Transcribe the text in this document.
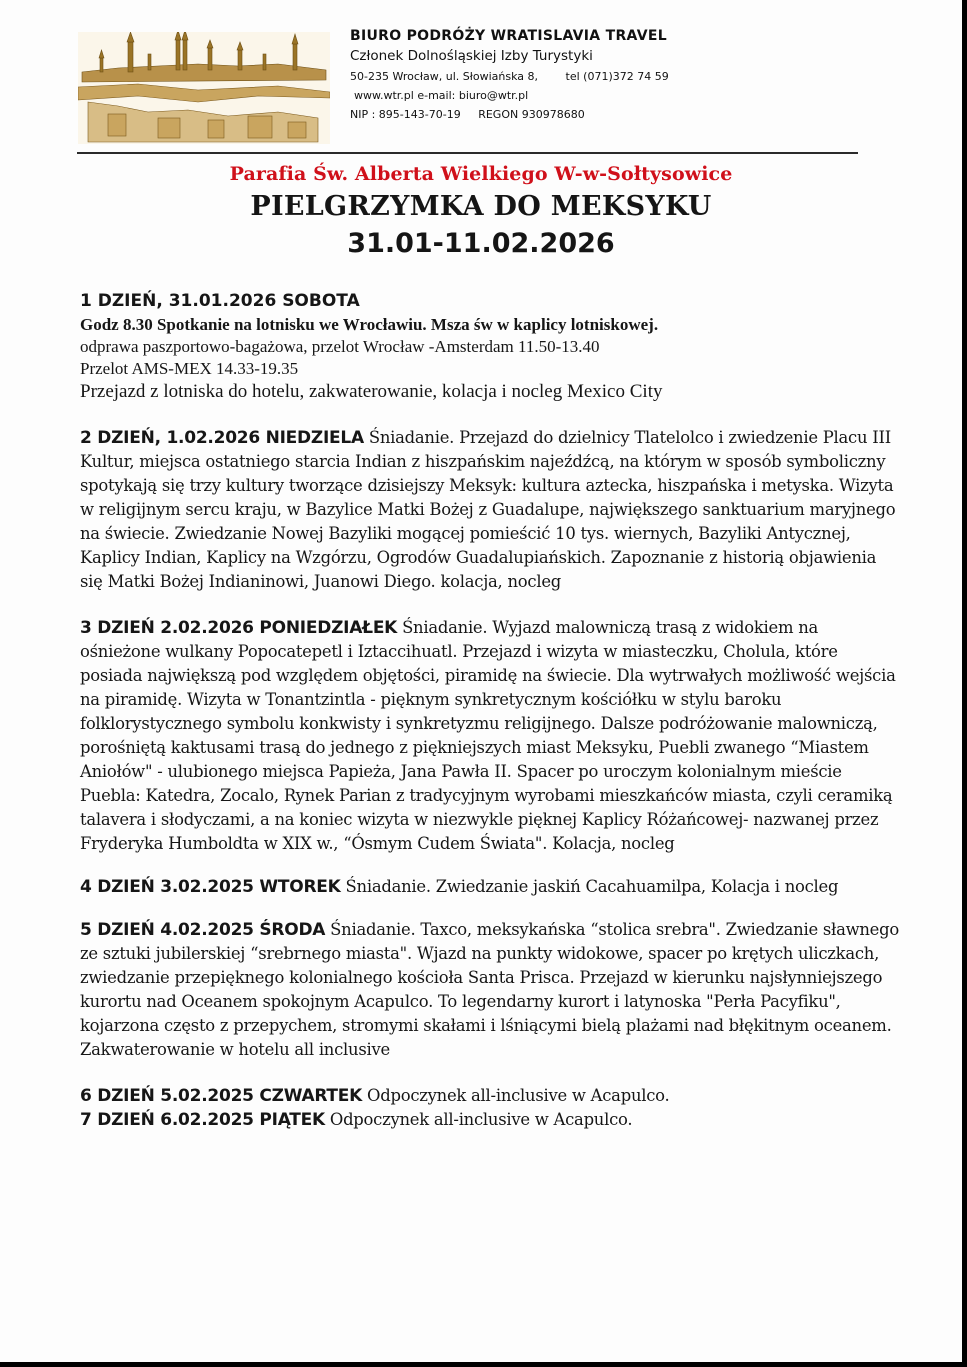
BIURO PODRÓŻY WRATISLAVIA TRAVEL
Członek Dolnośląskiej Izby Turystyki
50-235 Wrocław, ul. Słowiańska 8,	tel (071)372 74 59
www.wtr.pl e-mail: biuro@wtr.pl
NIP : 895-143-70-19 REGON 930978680
Parafia Św. Alberta Wielkiego W-w-Sołtysowice
PIELGRZYMKA DO MEKSYKU
31.01-11.02.2026

1 DZIEŃ, 31.01.2026 SOBOTA

Godz 8.30 Spotkanie na lotnisku we Wrocławiu. Msza św w kaplicy lotniskowej.

odprawa paszportowo-bagażowa, przelot Wrocław -Amsterdam 11.50-13.40

Przelot AMS-MEX 14.33-19.35

Przejazd z lotniska do hotelu, zakwaterowanie, kolacja i nocleg Mexico City

2 DZIEŃ, 1.02.2026 NIEDZIELA Śniadanie. Przejazd do dzielnicy Tlatelolco i zwiedzenie Placu III Kultur, miejsca ostatniego starcia Indian z hiszpańskim najeźdźcą, na którym w sposób symboliczny spotykają się trzy kultury tworzące dzisiejszy Meksyk: kultura aztecka, hiszpańska i metyska. Wizyta w religijnym sercu kraju, w Bazylice Matki Bożej z Guadalupe, największego sanktuarium maryjnego na świecie. Zwiedzanie Nowej Bazyliki mogącej pomieścić 10 tys. wiernych, Bazyliki Antycznej, Kaplicy Indian, Kaplicy na Wzgórzu, Ogrodów Guadalupiańskich. Zapoznanie z historią objawienia się Matki Bożej Indianinowi, Juanowi Diego. kolacja, nocleg

3 DZIEŃ 2.02.2026 PONIEDZIAŁEK Śniadanie. Wyjazd malowniczą trasą z widokiem na ośnieżone wulkany Popocatepetl i Iztaccihuatl. Przejazd i wizyta w miasteczku, Cholula, które posiada największą pod względem objętości, piramidę na świecie. Dla wytrwałych możliwość wejścia na piramidę. Wizyta w Tonantzintla - pięknym synkretycznym kościółku w stylu baroku folklorystycznego symbolu konkwisty i synkretyzmu religijnego. Dalsze podróżowanie malowniczą, porośniętą kaktusami trasą do jednego z piękniejszych miast Meksyku, Puebli zwanego “Miastem Aniołów" - ulubionego miejsca Papieża, Jana Pawła II. Spacer po uroczym kolonialnym mieście Puebla: Katedra, Zocalo, Rynek Parian z tradycyjnym wyrobami mieszkańców miasta, czyli ceramiką talavera i słodyczami, a na koniec wizyta w niezwykle pięknej Kaplicy Różańcowej- nazwanej przez Fryderyka Humboldta w XIX w., “Ósmym Cudem Świata". Kolacja, nocleg

4 DZIEŃ 3.02.2025 WTOREK Śniadanie. Zwiedzanie jaskiń Cacahuamilpa, Kolacja i nocleg

5 DZIEŃ 4.02.2025 ŚRODA Śniadanie. Taxco, meksykańska “stolica srebra". Zwiedzanie sławnego ze sztuki jubilerskiej “srebrnego miasta". Wjazd na punkty widokowe, spacer po krętych uliczkach, zwiedzanie przepięknego kolonialnego kościoła Santa Prisca. Przejazd w kierunku najsłynniejszego kurortu nad Oceanem spokojnym Acapulco. To legendarny kurort i latynoska "Perła Pacyfiku", kojarzona często z przepychem, stromymi skałami i lśniącymi bielą plażami nad błękitnym oceanem. Zakwaterowanie w hotelu all inclusive

6 DZIEŃ 5.02.2025 CZWARTEK Odpoczynek all-inclusive w Acapulco.

7 DZIEŃ 6.02.2025 PIĄTEK Odpoczynek all-inclusive w Acapulco.
